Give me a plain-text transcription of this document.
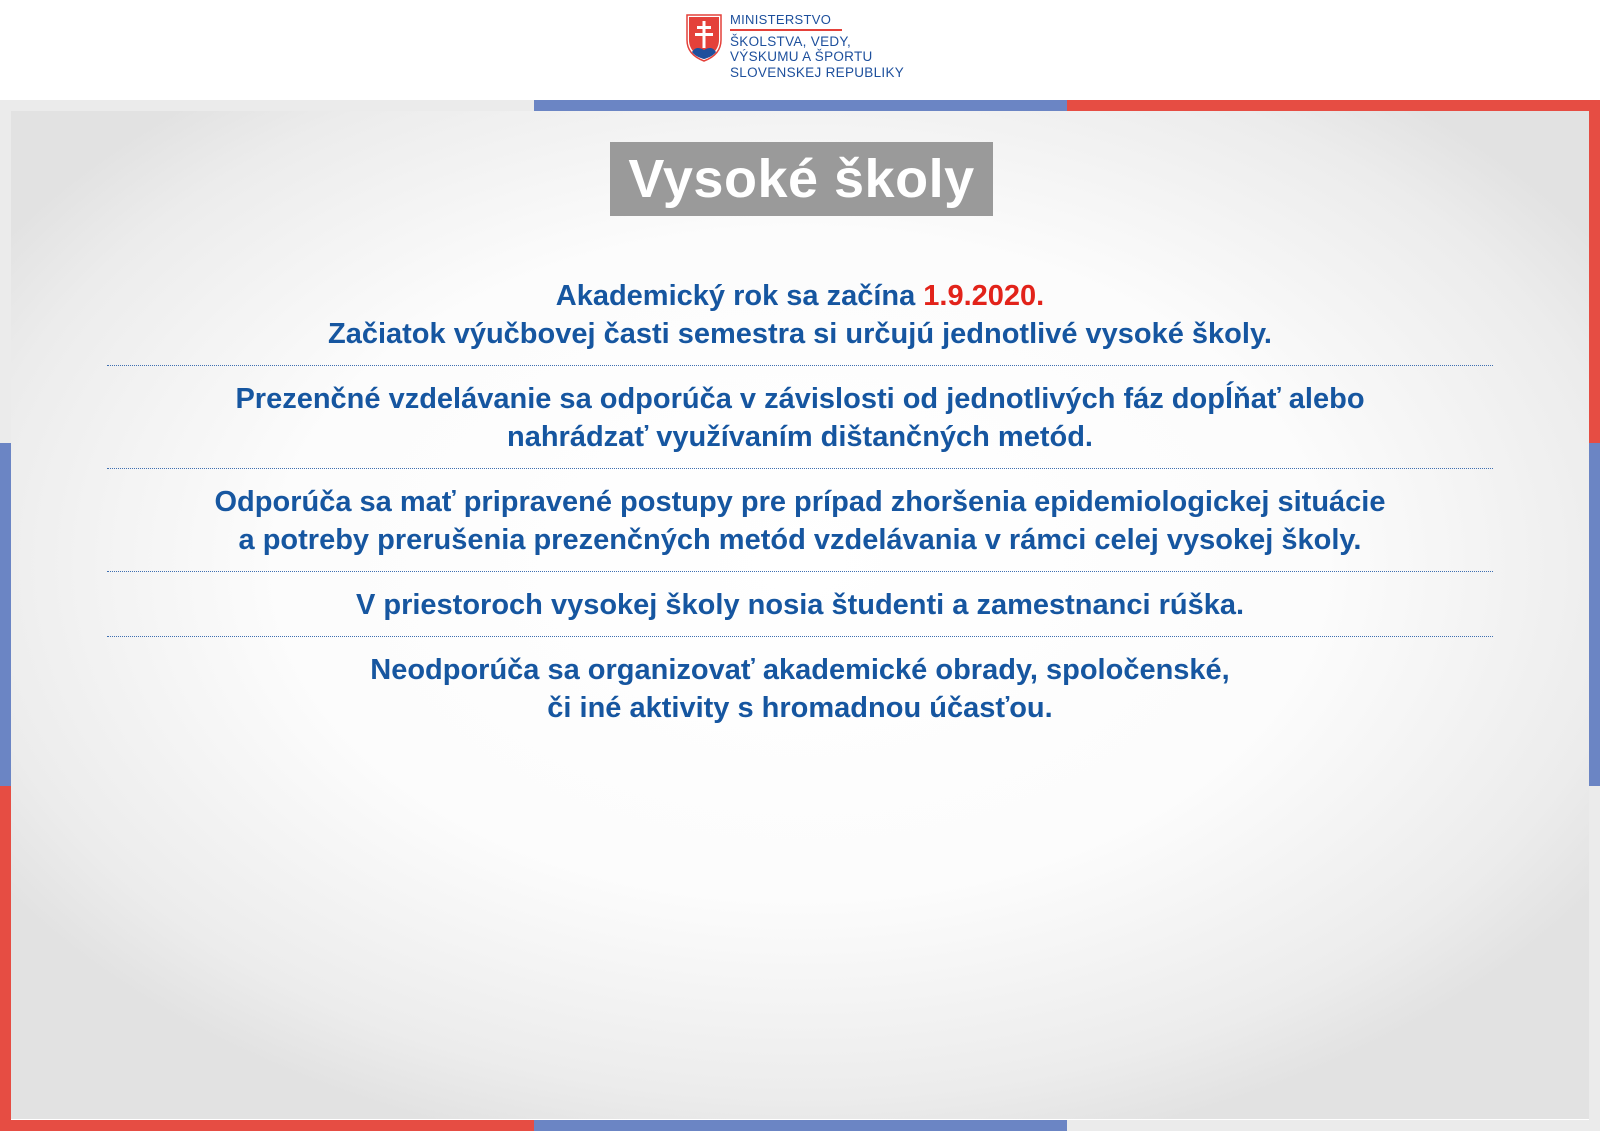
MINISTERSTVO
ŠKOLSTVA, VEDY,
VÝSKUMU A ŠPORTU
SLOVENSKEJ REPUBLIKY
Vysoké školy
Akademický rok sa začína 1.9.2020.
Začiatok výučbovej časti semestra si určujú jednotlivé vysoké školy.
Prezenčné vzdelávanie sa odporúča v závislosti od jednotlivých fáz dopĺňať alebo
nahrádzať využívaním dištančných metód.
Odporúča sa mať pripravené postupy pre prípad zhoršenia epidemiologickej situácie
a potreby prerušenia prezenčných metód vzdelávania v rámci celej vysokej školy.
V priestoroch vysokej školy nosia študenti a zamestnanci rúška.
Neodporúča sa organizovať akademické obrady, spoločenské,
či iné aktivity s hromadnou účasťou.
